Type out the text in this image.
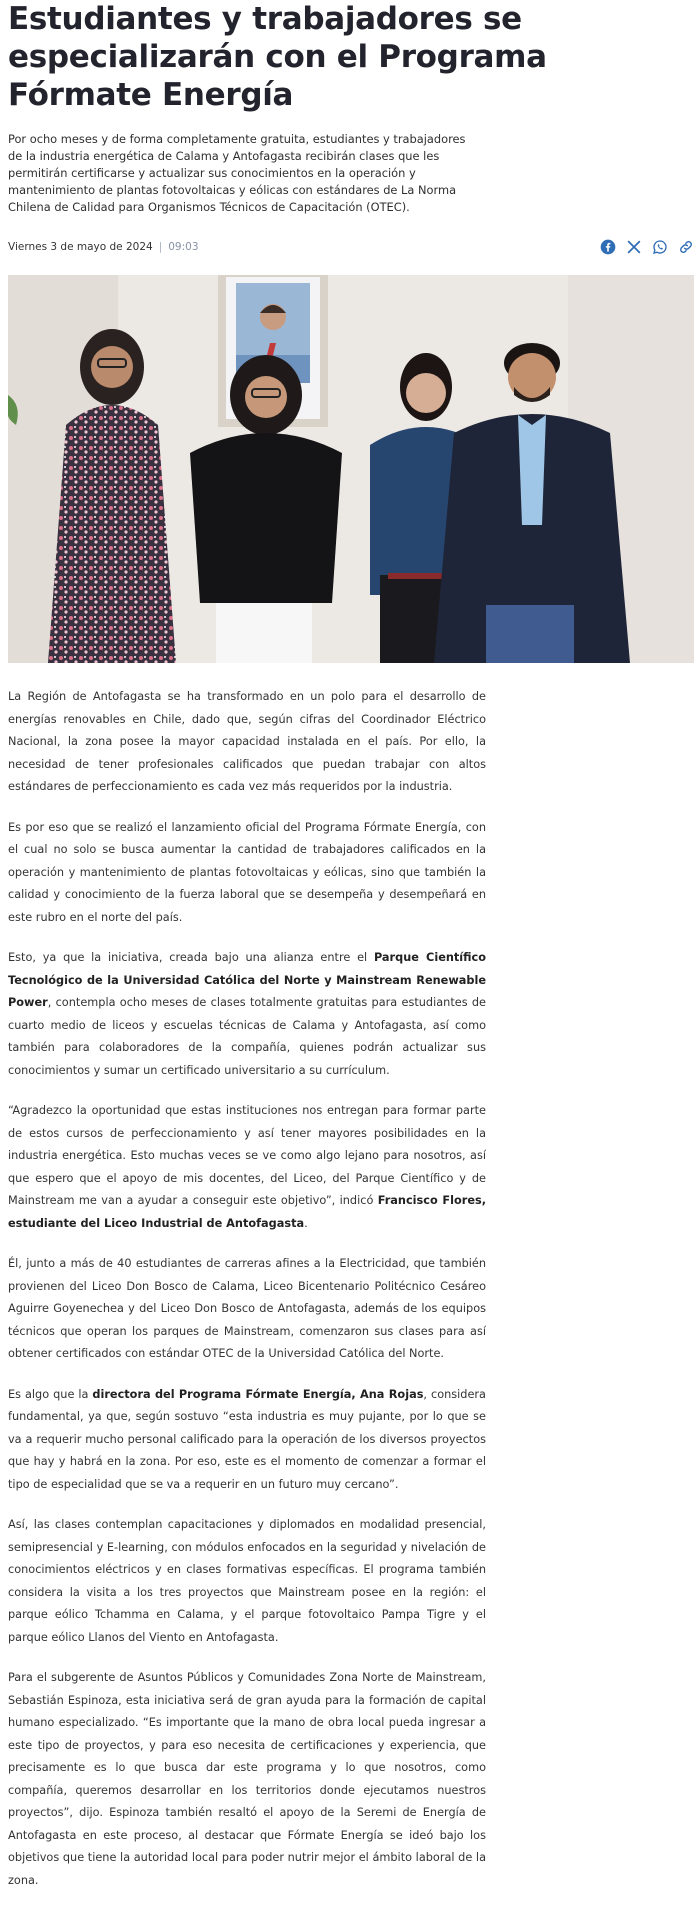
Estudiantes y trabajadores se especializarán con el Programa Fórmate Energía

Por ocho meses y de forma completamente gratuita, estudiantes y trabajadores de la industria energética de Calama y Antofagasta recibirán clases que les permitirán certificarse y actualizar sus conocimientos en la operación y mantenimiento de plantas fotovoltaicas y eólicas con estándares de La Norma Chilena de Calidad para Organismos Técnicos de Capacitación (OTEC).

Viernes 3 de mayo de 2024 | 09:03

La Región de Antofagasta se ha transformado en un polo para el desarrollo de energías renovables en Chile, dado que, según cifras del Coordinador Eléctrico Nacional, la zona posee la mayor capacidad instalada en el país. Por ello, la necesidad de tener profesionales calificados que puedan trabajar con altos estándares de perfeccionamiento es cada vez más requeridos por la industria.

Es por eso que se realizó el lanzamiento oficial del Programa Fórmate Energía, con el cual no solo se busca aumentar la cantidad de trabajadores calificados en la operación y mantenimiento de plantas fotovoltaicas y eólicas, sino que también la calidad y conocimiento de la fuerza laboral que se desempeña y desempeñará en este rubro en el norte del país.

Esto, ya que la iniciativa, creada bajo una alianza entre el Parque Científico Tecnológico de la Universidad Católica del Norte y Mainstream Renewable Power, contempla ocho meses de clases totalmente gratuitas para estudiantes de cuarto medio de liceos y escuelas técnicas de Calama y Antofagasta, así como también para colaboradores de la compañía, quienes podrán actualizar sus conocimientos y sumar un certificado universitario a su currículum.

“Agradezco la oportunidad que estas instituciones nos entregan para formar parte de estos cursos de perfeccionamiento y así tener mayores posibilidades en la industria energética. Esto muchas veces se ve como algo lejano para nosotros, así que espero que el apoyo de mis docentes, del Liceo, del Parque Científico y de Mainstream me van a ayudar a conseguir este objetivo”, indicó Francisco Flores, estudiante del Liceo Industrial de Antofagasta.

Él, junto a más de 40 estudiantes de carreras afines a la Electricidad, que también provienen del Liceo Don Bosco de Calama, Liceo Bicentenario Politécnico Cesáreo Aguirre Goyenechea y del Liceo Don Bosco de Antofagasta, además de los equipos técnicos que operan los parques de Mainstream, comenzaron sus clases para así obtener certificados con estándar OTEC de la Universidad Católica del Norte.

Es algo que la directora del Programa Fórmate Energía, Ana Rojas, considera fundamental, ya que, según sostuvo “esta industria es muy pujante, por lo que se va a requerir mucho personal calificado para la operación de los diversos proyectos que hay y habrá en la zona. Por eso, este es el momento de comenzar a formar el tipo de especialidad que se va a requerir en un futuro muy cercano”.

Así, las clases contemplan capacitaciones y diplomados en modalidad presencial, semipresencial y E-learning, con módulos enfocados en la seguridad y nivelación de conocimientos eléctricos y en clases formativas específicas. El programa también considera la visita a los tres proyectos que Mainstream posee en la región: el parque eólico Tchamma en Calama, y el parque fotovoltaico Pampa Tigre y el parque eólico Llanos del Viento en Antofagasta.

Para el subgerente de Asuntos Públicos y Comunidades Zona Norte de Mainstream, Sebastián Espinoza, esta iniciativa será de gran ayuda para la formación de capital humano especializado. “Es importante que la mano de obra local pueda ingresar a este tipo de proyectos, y para eso necesita de certificaciones y experiencia, que precisamente es lo que busca dar este programa y lo que nosotros, como compañía, queremos desarrollar en los territorios donde ejecutamos nuestros proyectos”, dijo. Espinoza también resaltó el apoyo de la Seremi de Energía de Antofagasta en este proceso, al destacar que Fórmate Energía se ideó bajo los objetivos que tiene la autoridad local para poder nutrir mejor el ámbito laboral de la zona.
